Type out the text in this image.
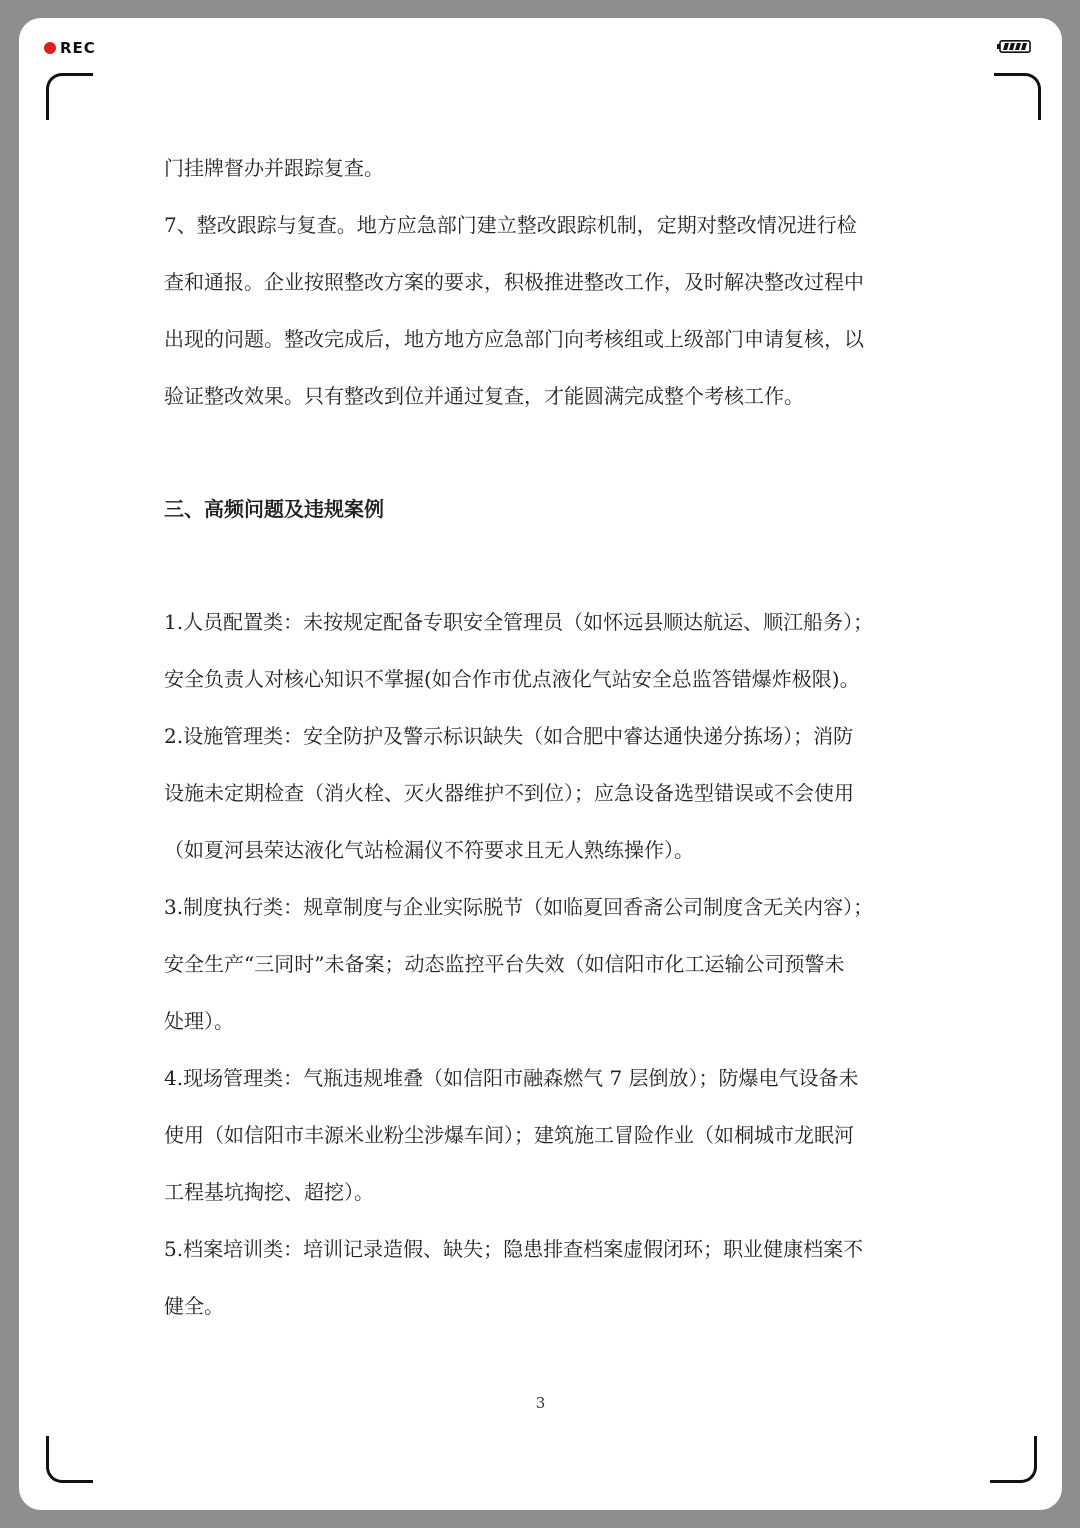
REC

门挂牌督办并跟踪复查。

7、整改跟踪与复查。地方应急部门建立整改跟踪机制，定期对整改情况进行检

查和通报。企业按照整改方案的要求，积极推进整改工作，及时解决整改过程中

出现的问题。整改完成后，地方地方应急部门向考核组或上级部门申请复核，以

验证整改效果。只有整改到位并通过复查，才能圆满完成整个考核工作。

三、高频问题及违规案例

1.人员配置类：未按规定配备专职安全管理员（如怀远县顺达航运、顺江船务）；

安全负责人对核心知识不掌握(如合作市优点液化气站安全总监答错爆炸极限)。

2.设施管理类：安全防护及警示标识缺失（如合肥中睿达通快递分拣场）；消防

设施未定期检查（消火栓、灭火器维护不到位）；应急设备选型错误或不会使用

（如夏河县荣达液化气站检漏仪不符要求且无人熟练操作）。

3.制度执行类：规章制度与企业实际脱节（如临夏回香斋公司制度含无关内容）；

安全生产“三同时”未备案；动态监控平台失效（如信阳市化工运输公司预警未

处理）。

4.现场管理类：气瓶违规堆叠（如信阳市融森燃气 7 层倒放）；防爆电气设备未

使用（如信阳市丰源米业粉尘涉爆车间）；建筑施工冒险作业（如桐城市龙眠河

工程基坑掏挖、超挖）。

5.档案培训类：培训记录造假、缺失；隐患排查档案虚假闭环；职业健康档案不

健全。

3
